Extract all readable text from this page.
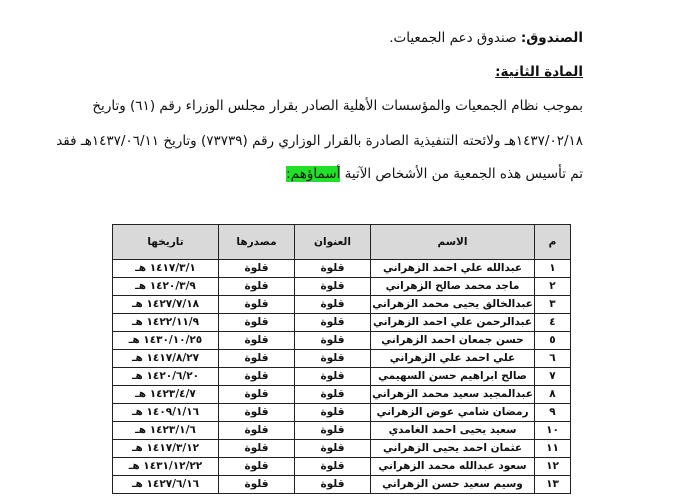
الصندوق: صندوق دعم الجمعيات.
المادة الثانية:
بموجب نظام الجمعيات والمؤسسات الأهلية الصادر بقرار مجلس الوزراء رقم (٦١) وتاريخ
١٤٣٧/٠٢/١٨هـ ولائحته التنفيذية الصادرة بالقرار الوزاري رقم (٧٣٧٣٩) وتاريخ ١٤٣٧/٠٦/١١هـ فقد
تم تأسيس هذه الجمعية من الأشخاص الآتية أسماؤهم:
م	الاسم	العنوان	مصدرها	تاريخها
١	عبدالله علي احمد الزهراني	قلوة	قلوة	١٤١٧/٣/١ هـ
٢	ماجد محمد صالح الزهراني	قلوة	قلوة	١٤٢٠/٣/٩ هـ
٣	عبدالخالق يحيى محمد الزهراني	قلوة	قلوة	١٤٢٧/٧/١٨ هـ
٤	عبدالرحمن علي احمد الزهراني	قلوة	قلوة	١٤٢٢/١١/٩ هـ
٥	حسن جمعان احمد الزهراني	قلوة	قلوة	١٤٣٠/١٠/٢٥ هـ
٦	علي احمد علي الزهراني	قلوة	قلوة	١٤١٧/٨/٢٧ هـ
٧	صالح ابراهيم حسن السهيمي	قلوة	قلوة	١٤٢٠/٦/٢٠ هـ
٨	عبدالمجيد سعيد محمد الزهراني	قلوة	قلوة	١٤٢٣/٤/٧ هـ
٩	رمضان شامي عوض الزهراني	قلوة	قلوة	١٤٠٩/١/١٦ هـ
١٠	سعيد يحيى احمد الغامدي	قلوة	قلوة	١٤٢٣/١/٦ هـ
١١	عثمان احمد يحيى الزهراني	قلوة	قلوة	١٤١٧/٣/١٢ هـ
١٢	سعود عبدالله محمد الزهراني	قلوة	قلوة	١٤٣١/١٢/٢٢ هـ
١٣	وسيم سعيد حسن الزهراني	قلوة	قلوة	١٤٢٧/٦/١٦ هـ
